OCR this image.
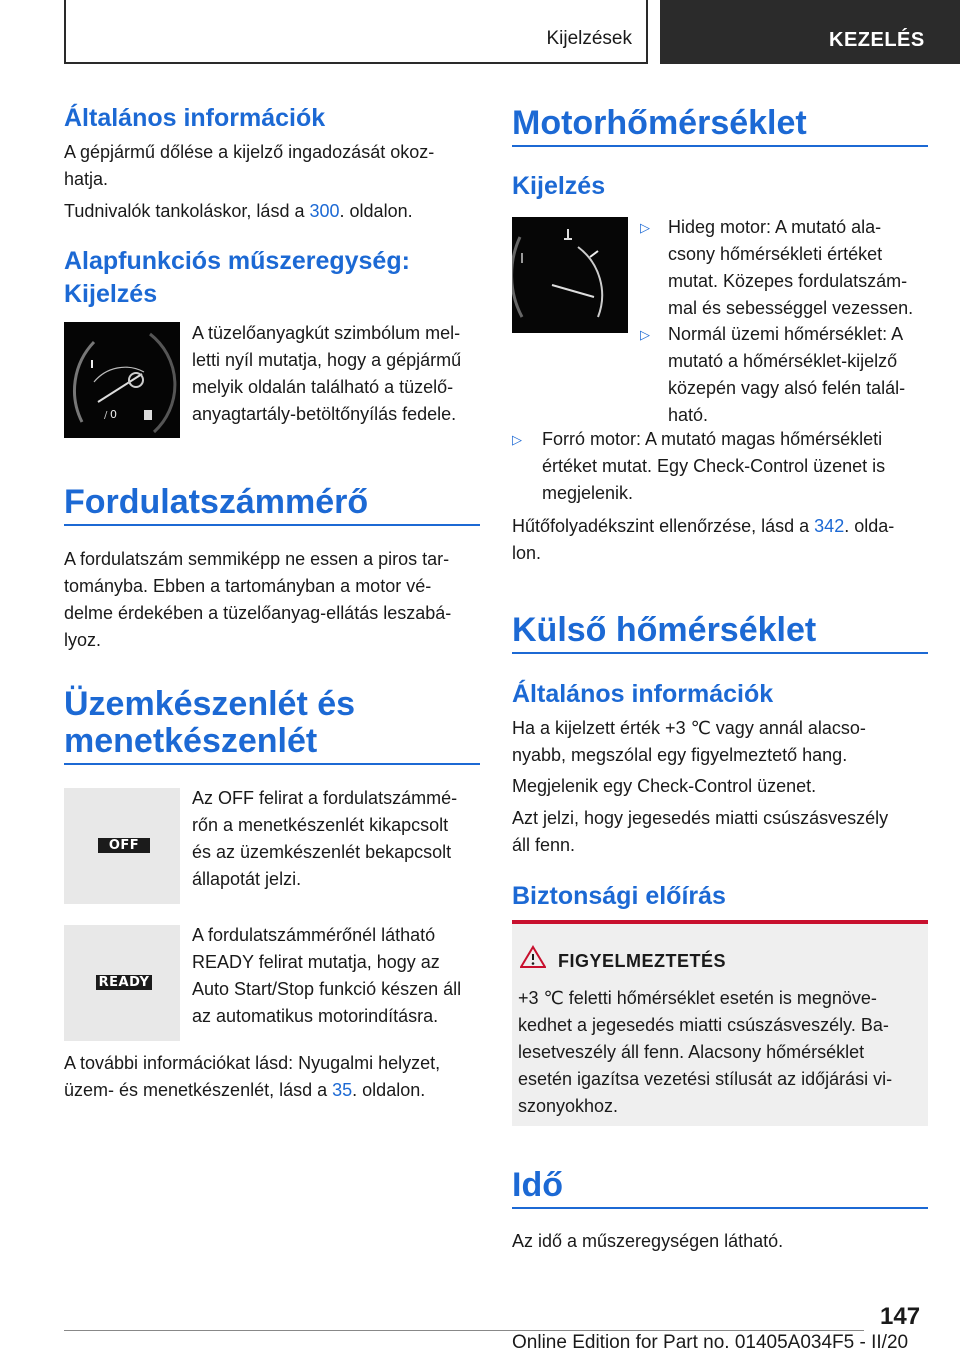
Kijelzések	KEZELÉS
Általános információk

A gépjármű dőlése a kijelző ingadozását okoz-

hatja.

Tudnivalók tankoláskor, lásd a 300. oldalon.

Alapfunkciós műszeregység:
Kijelzés
0
/

A tüzelőanyagkút szimbólum mel-

letti nyíl mutatja, hogy a gépjármű

melyik oldalán található a tüzelő-

anyagtartály-betöltőnyílás fedele.

Fordulatszámmérő

A fordulatszám semmiképp ne essen a piros tar-

tományba. Ebben a tartományban a motor vé-

delme érdekében a tüzelőanyag-ellátás leszabá-

lyoz.

Üzemkészenlét és
menetkészenlét
OFF

Az OFF felirat a fordulatszámmé-

rőn a menetkészenlét kikapcsolt

és az üzemkészenlét bekapcsolt

állapotát jelzi.

READY

A fordulatszámmérőnél látható

READY felirat mutatja, hogy az

Auto Start/Stop funkció készen áll

az automatikus motorindításra.

A további információkat lásd: Nyugalmi helyzet,

üzem- és menetkészenlét, lásd a 35. oldalon.

Motorhőmérséklet
Kijelzés
▷ Hideg motor: A mutató ala-

csony hőmérsékleti értéket

mutat. Közepes fordulatszám-

mal és sebességgel vezessen.

▷ Normál üzemi hőmérséklet: A

mutató a hőmérséklet-kijelző

közepén vagy alsó felén talál-

ható.

▷ Forró motor: A mutató magas hőmérsékleti

értéket mutat. Egy Check-Control üzenet is

megjelenik.

Hűtőfolyadékszint ellenőrzése, lásd a 342. olda-

lon.

Külső hőmérséklet
Általános információk

Ha a kijelzett érték +3 ℃ vagy annál alacso-

nyabb, megszólal egy figyelmeztető hang.

Megjelenik egy Check-Control üzenet.

Azt jelzi, hogy jegesedés miatti csúszásveszély

áll fenn.

Biztonsági előírás
FIGYELMEZTETÉS

+3 ℃ feletti hőmérséklet esetén is megnöve-

kedhet a jegesedés miatti csúszásveszély. Ba-

lesetveszély áll fenn. Alacsony hőmérséklet

esetén igazítsa vezetési stílusát az időjárási vi-

szonyokhoz.

Idő

Az idő a műszeregységen látható.

147
Online Edition for Part no. 01405A034F5 - II/20
